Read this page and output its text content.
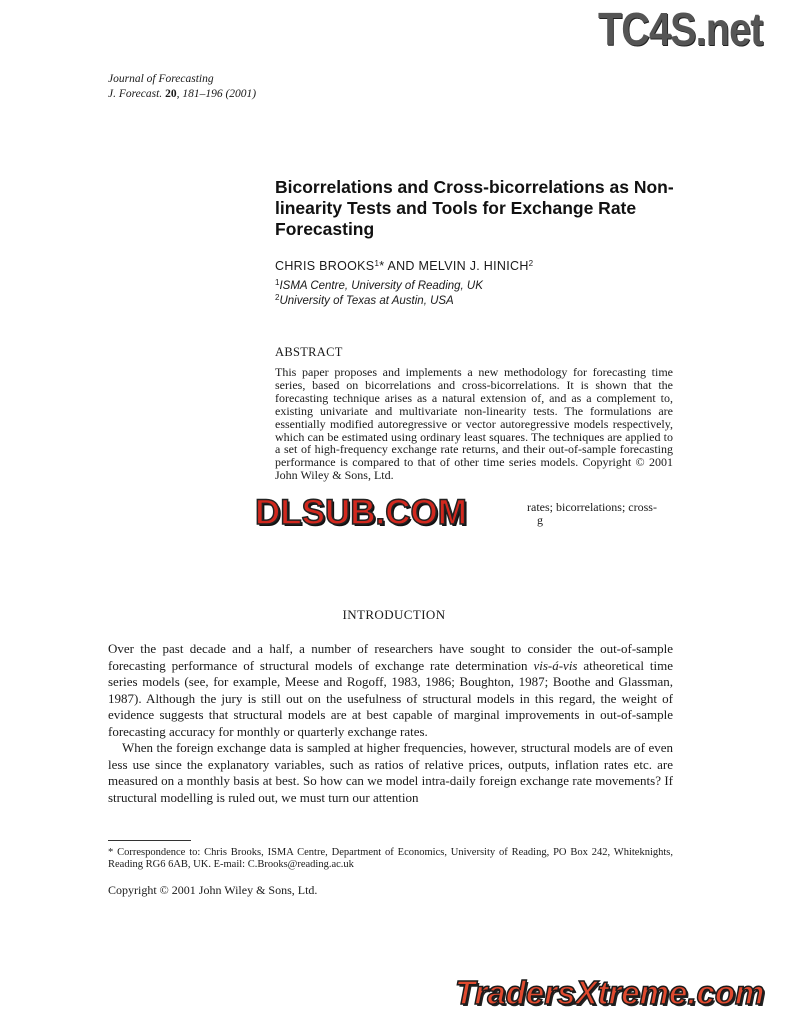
TC4S.net
Journal of Forecasting
J. Forecast. 20, 181–196 (2001)
Bicorrelations and Cross-bicorrelations as Non-linearity Tests and Tools for Exchange Rate Forecasting
CHRIS BROOKS$^1$* AND MELVIN J. HINICH$^2$
$^1$ISMA Centre, University of Reading, UK
$^2$University of Texas at Austin, USA
ABSTRACT
This paper proposes and implements a new methodology for forecasting time series, based on bicorrelations and cross-bicorrelations. It is shown that the forecasting technique arises as a natural extension of, and as a complement to, existing univariate and multivariate non-linearity tests. The formulations are essentially modified autoregressive or vector autoregressive models respectively, which can be estimated using ordinary least squares. The techniques are applied to a set of high-frequency exchange rate returns, and their out-of-sample forecasting performance is compared to that of other time series models. Copyright © 2001 John Wiley & Sons, Ltd.
rates; bicorrelations; cross-
g
DLSUB.COM
INTRODUCTION

Over the past decade and a half, a number of researchers have sought to consider the out-of-sample forecasting performance of structural models of exchange rate determination vis-á-vis atheoretical time series models (see, for example, Meese and Rogoff, 1983, 1986; Boughton, 1987; Boothe and Glassman, 1987). Although the jury is still out on the usefulness of structural models in this regard, the weight of evidence suggests that structural models are at best capable of marginal improvements in out-of-sample forecasting accuracy for monthly or quarterly exchange rates.

When the foreign exchange data is sampled at higher frequencies, however, structural models are of even less use since the explanatory variables, such as ratios of relative prices, outputs, inflation rates etc. are measured on a monthly basis at best. So how can we model intra-daily foreign exchange rate movements? If structural modelling is ruled out, we must turn our attention

* Correspondence to: Chris Brooks, ISMA Centre, Department of Economics, University of Reading, PO Box 242, Whiteknights, Reading RG6 6AB, UK. E-mail: C.Brooks@reading.ac.uk
Copyright © 2001 John Wiley & Sons, Ltd.
TradersXtreme.com
